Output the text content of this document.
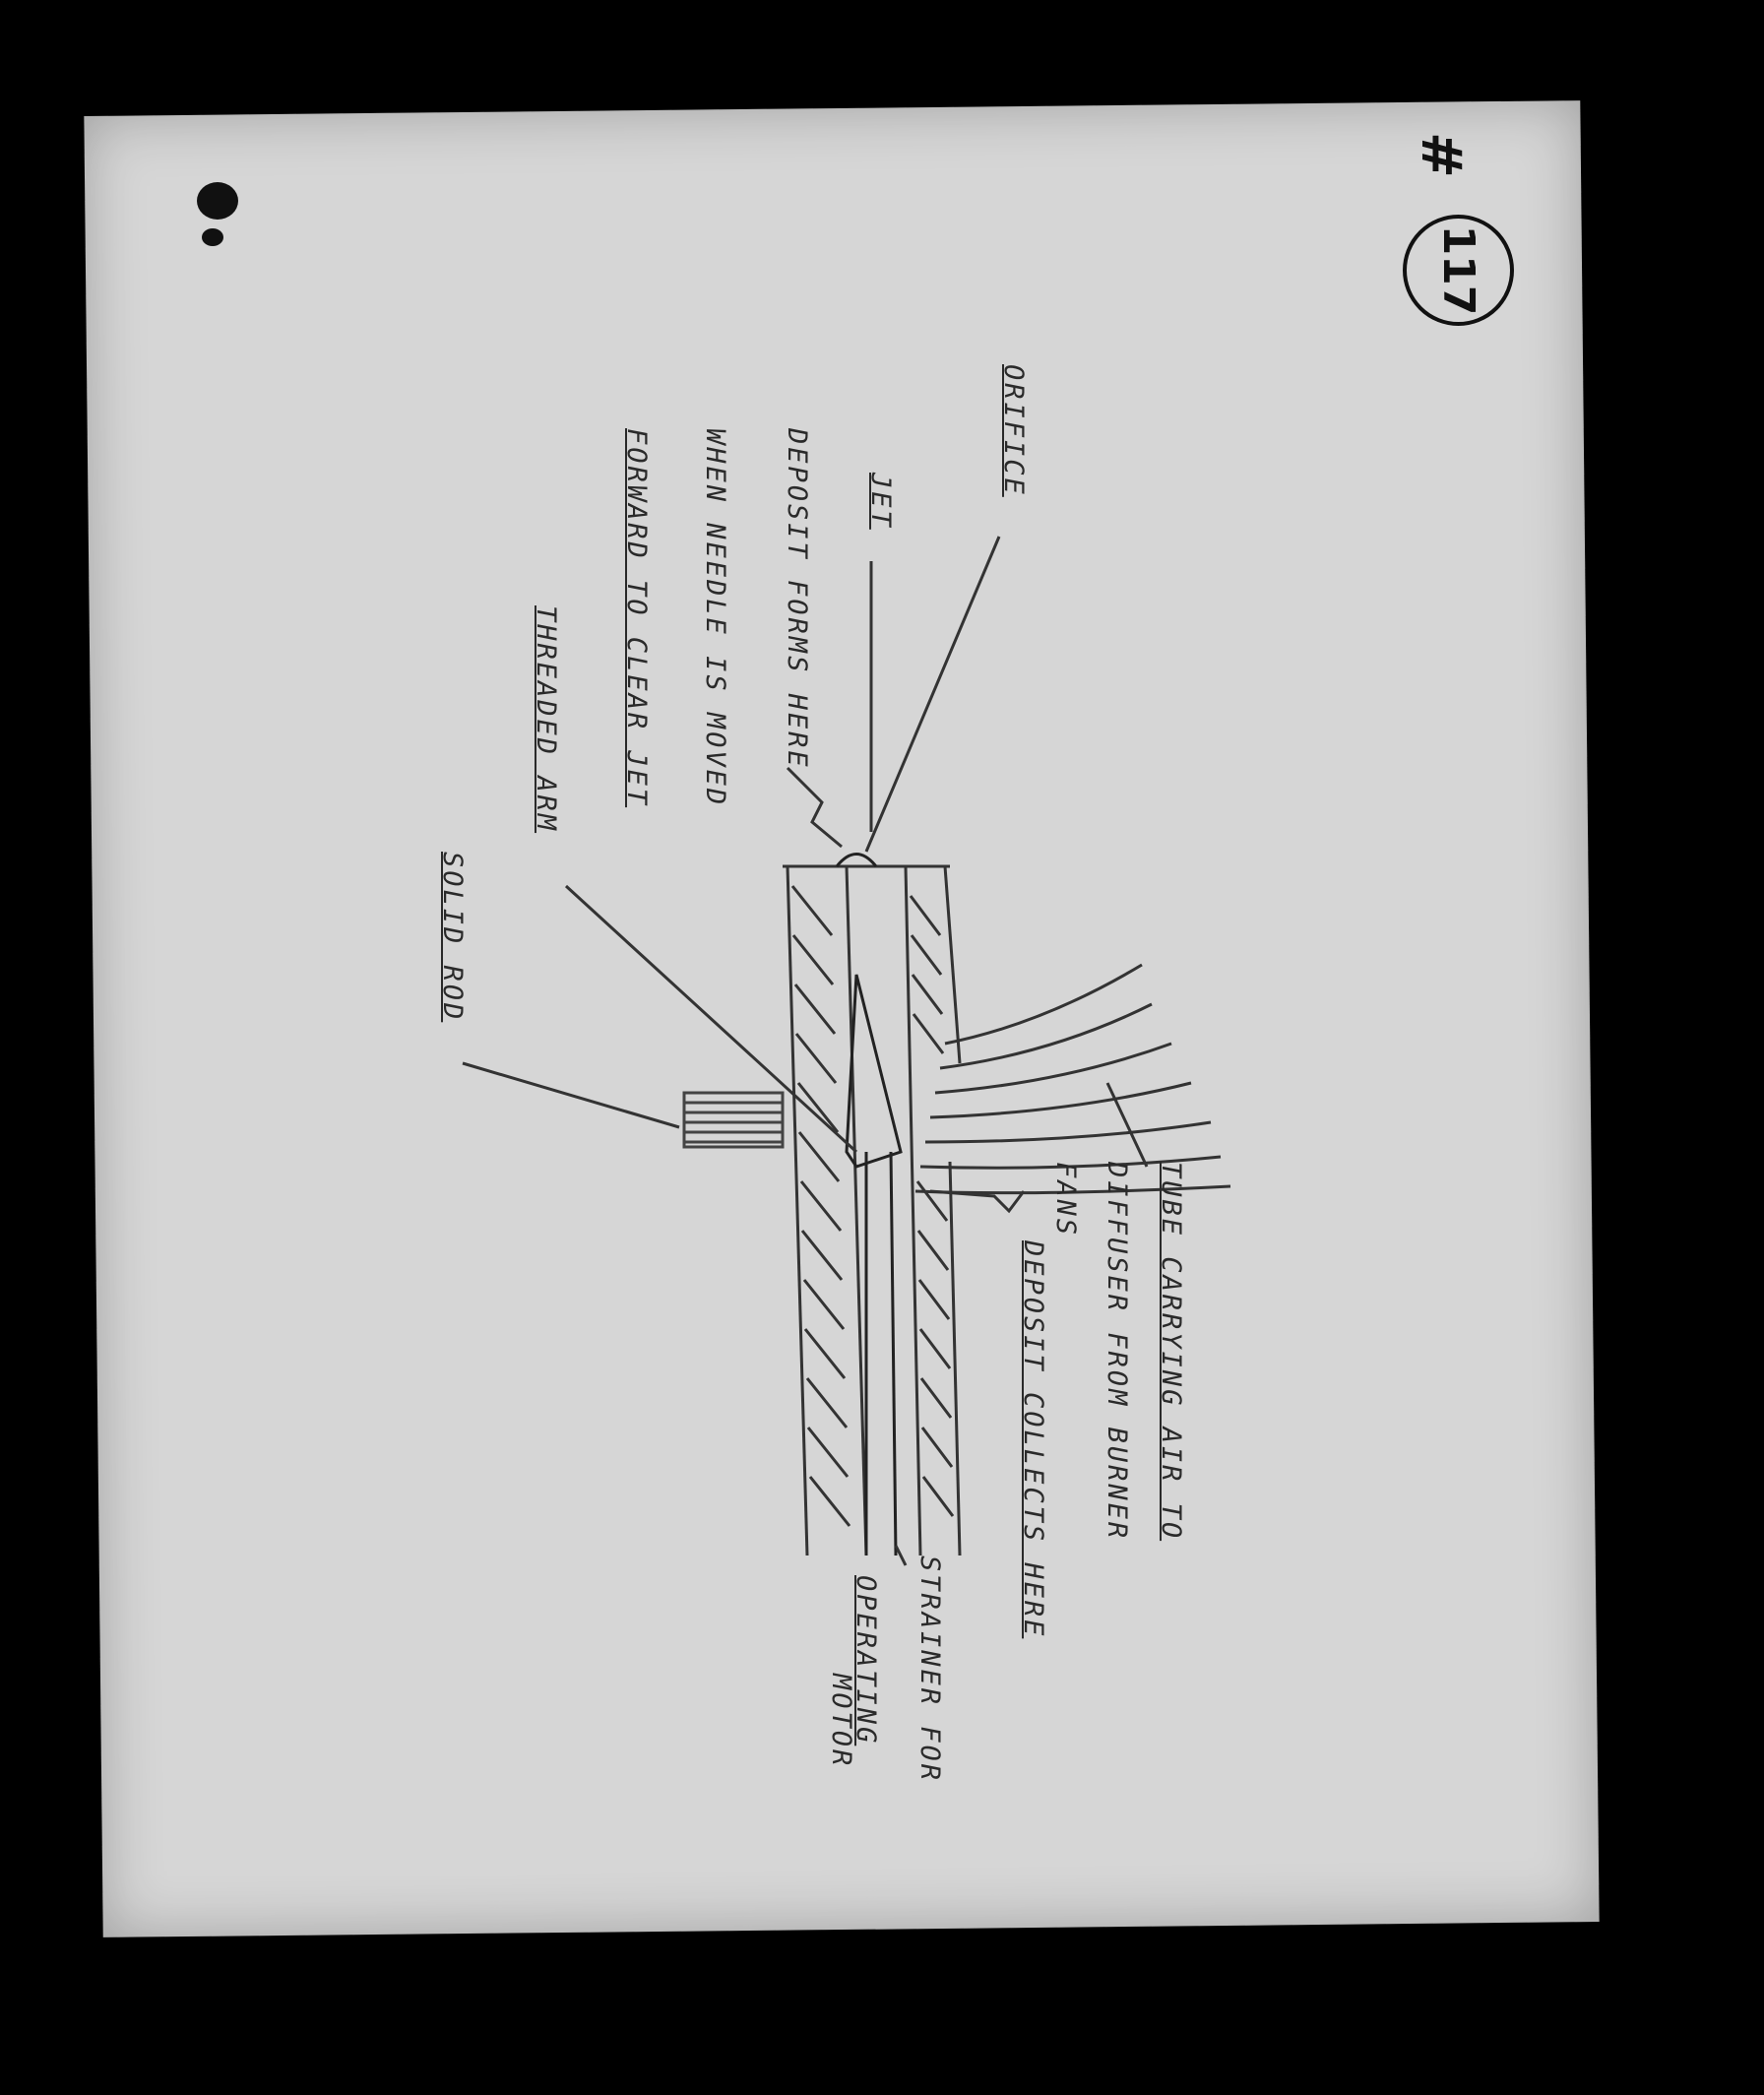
#
117
ORIFICE
JET
DEPOSIT FORMS HERE
WHEN NEEDLE IS MOVED
FORWARD TO CLEAR JET
THREADED ARM
SOLID ROD
TUBE CARRYING AIR TO
DIFFUSER FROM BURNER
FANS
DEPOSIT COLLECTS HERE
STRAINER FOR
OPERATING
MOTOR
